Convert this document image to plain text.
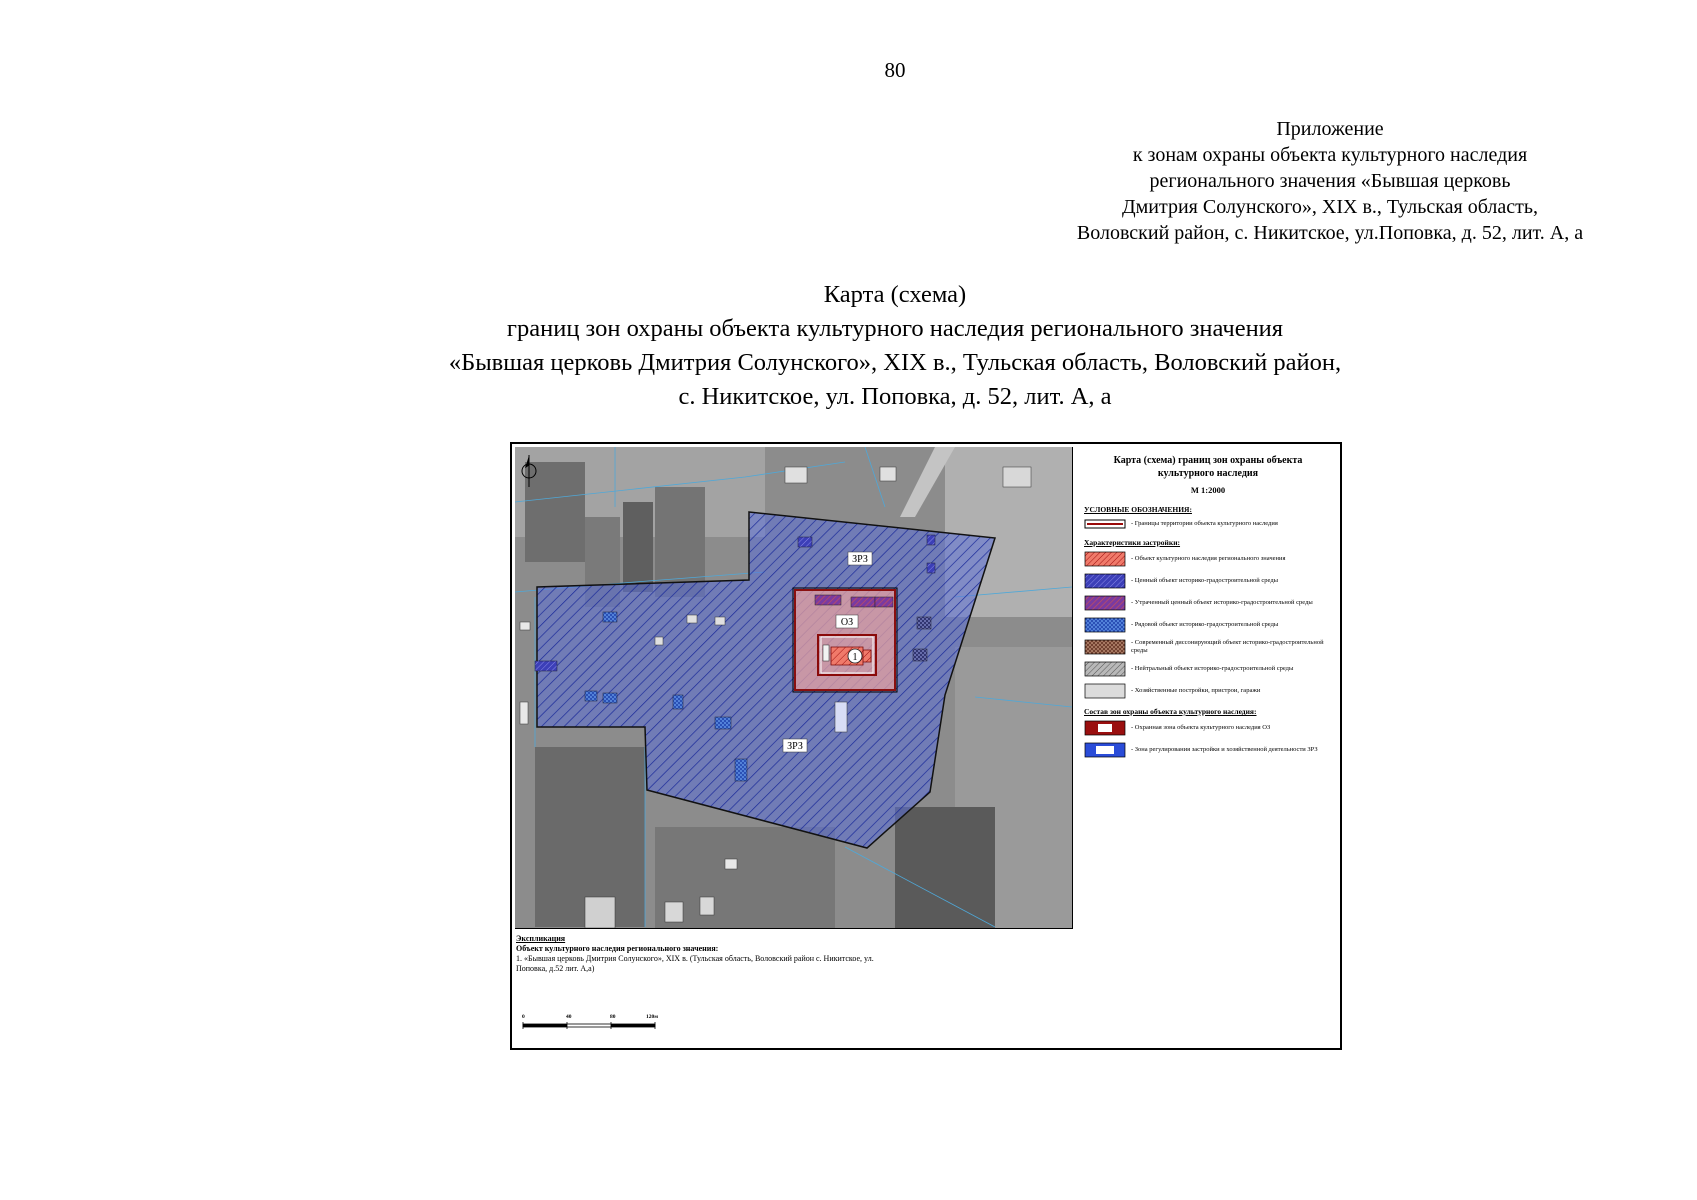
80
Приложение
к зонам охраны объекта культурного наследия
регионального значения «Бывшая церковь
Дмитрия Солунского», XIX в., Тульская область,
Воловский район, с. Никитское, ул.Поповка, д. 52, лит. А, а
Карта (схема)
границ зон охраны объекта культурного наследия регионального значения
«Бывшая церковь Дмитрия Солунского», XIX в., Тульская область, Воловский район,
с. Никитское, ул. Поповка, д. 52, лит. А, а
ЗРЗ
ОЗ
ЗРЗ
1
Карта (схема) границ зон охраны объекта
культурного наследия
М 1:2000
УСЛОВНЫЕ ОБОЗНАЧЕНИЯ:
- Границы территории объекта культурного наследия
Характеристики застройки:
- Объект культурного наследия регионального значения
- Ценный объект историко-градостроительной среды
- Утраченный ценный объект историко-градостроительной среды
- Рядовой объект историко-градостроительной среды
- Современный диссонирующий объект историко-градостроительной среды
- Нейтральный объект историко-градостроительной среды
- Хозяйственные постройки, пристрои, гаражи
Состав зон охраны объекта культурного наследия:
- Охранная зона объекта культурного наследия ОЗ
- Зона регулирования застройки и хозяйственной деятельности ЗРЗ
Экспликация
Объект культурного наследия регионального значения:
1. «Бывшая церковь Дмитрия Солунского», XIX в. (Тульская область, Воловский район с. Никитское, ул.
Поповка, д.52 лит. А,а)
0	40	80	120м
